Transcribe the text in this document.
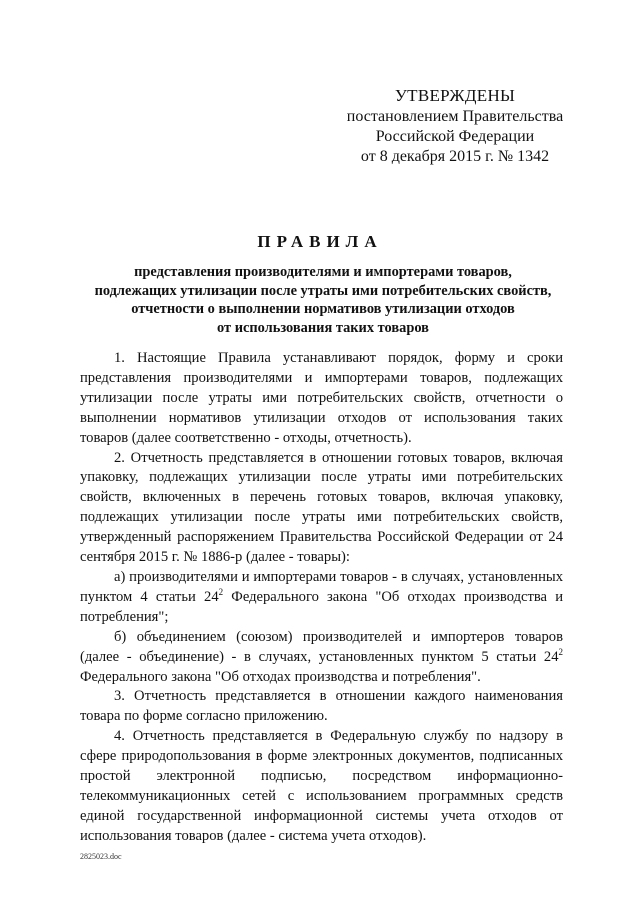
УТВЕРЖДЕНЫ
постановлением Правительства
Российской Федерации
от 8 декабря 2015 г. № 1342
ПРАВИЛА
представления производителями и импортерами товаров,
подлежащих утилизации после утраты ими потребительских свойств,
отчетности о выполнении нормативов утилизации отходов
от использования таких товаров

1. Настоящие Правила устанавливают порядок, форму и сроки представления производителями и импортерами товаров, подлежащих утилизации после утраты ими потребительских свойств, отчетности о выполнении нормативов утилизации отходов от использования таких товаров (далее соответственно - отходы, отчетность).

2. Отчетность представляется в отношении готовых товаров, включая упаковку, подлежащих утилизации после утраты ими потребительских свойств, включенных в перечень готовых товаров, включая упаковку, подлежащих утилизации после утраты ими потребительских свойств, утвержденный распоряжением Правительства Российской Федерации от 24 сентября 2015 г. № 1886-р (далее - товары):

а) производителями и импортерами товаров - в случаях, установленных пунктом 4 статьи $24^2$ Федерального закона "Об отходах производства и потребления";

б) объединением (союзом) производителей и импортеров товаров (далее - объединение) - в случаях, установленных пунктом 5 статьи $24^2$ Федерального закона "Об отходах производства и потребления".

3. Отчетность представляется в отношении каждого наименования товара по форме согласно приложению.

4. Отчетность представляется в Федеральную службу по надзору в сфере природопользования в форме электронных документов, подписанных простой электронной подписью, посредством информационно-телекоммуникационных сетей с использованием программных средств единой государственной информационной системы учета отходов от использования товаров (далее - система учета отходов).

2825023.doc
